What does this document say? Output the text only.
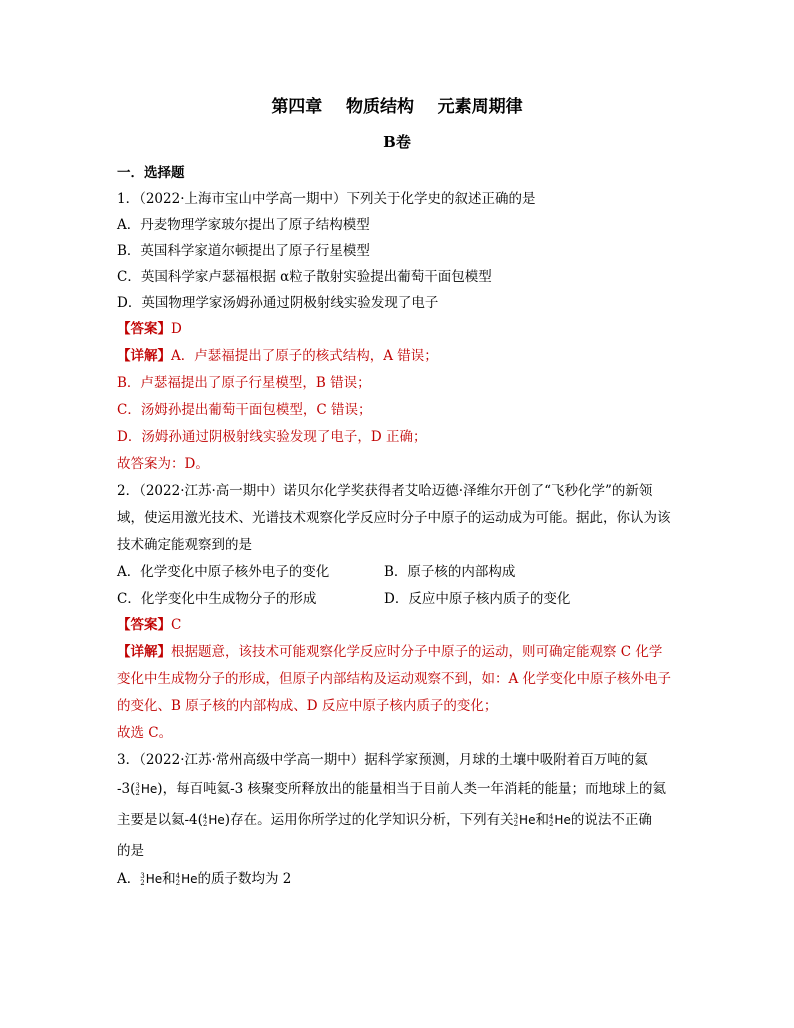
第四章    物质结构    元素周期律
B卷
一．选择题
1．（2022·上海市宝山中学高一期中）下列关于化学史的叙述正确的是
A．丹麦物理学家玻尔提出了原子结构模型
B．英国科学家道尔顿提出了原子行星模型
C．英国科学家卢瑟福根据 α粒子散射实验提出葡萄干面包模型
D．英国物理学家汤姆孙通过阴极射线实验发现了电子
【答案】D
【详解】A．卢瑟福提出了原子的核式结构，A 错误；
B．卢瑟福提出了原子行星模型，B 错误；
C．汤姆孙提出葡萄干面包模型，C 错误；
D．汤姆孙通过阴极射线实验发现了电子，D 正确；
故答案为：D。
2．（2022·江苏·高一期中）诺贝尔化学奖获得者艾哈迈德·泽维尔开创了“飞秒化学”的新领
域，使运用激光技术、光谱技术观察化学反应时分子中原子的运动成为可能。据此，你认为该
技术确定能观察到的是
A．化学变化中原子核外电子的变化	B．原子核的内部构成
C．化学变化中生成物分子的形成	D．反应中原子核内质子的变化
【答案】C
【详解】根据题意，该技术可能观察化学反应时分子中原子的运动，则可确定能观察 C 化学
变化中生成物分子的形成，但原子内部结构及运动观察不到，如：A 化学变化中原子核外电子
的变化、B 原子核的内部构成、D 反应中原子核内质子的变化；
故选 C。
3．（2022·江苏·常州高级中学高一期中）据科学家预测，月球的土壤中吸附着百万吨的氦
-3( 3
2 He)，每百吨氦-3 核聚变所释放出的能量相当于目前人类一年消耗的能量；而地球上的氦
主要是以氦-4( 4
2 He)存在。运用你所学过的化学知识分析，下列有关 3
2 He和 4
2 He的说法不正确
的是
A． 3
2 He和 4
2 He的质子数均为 2
